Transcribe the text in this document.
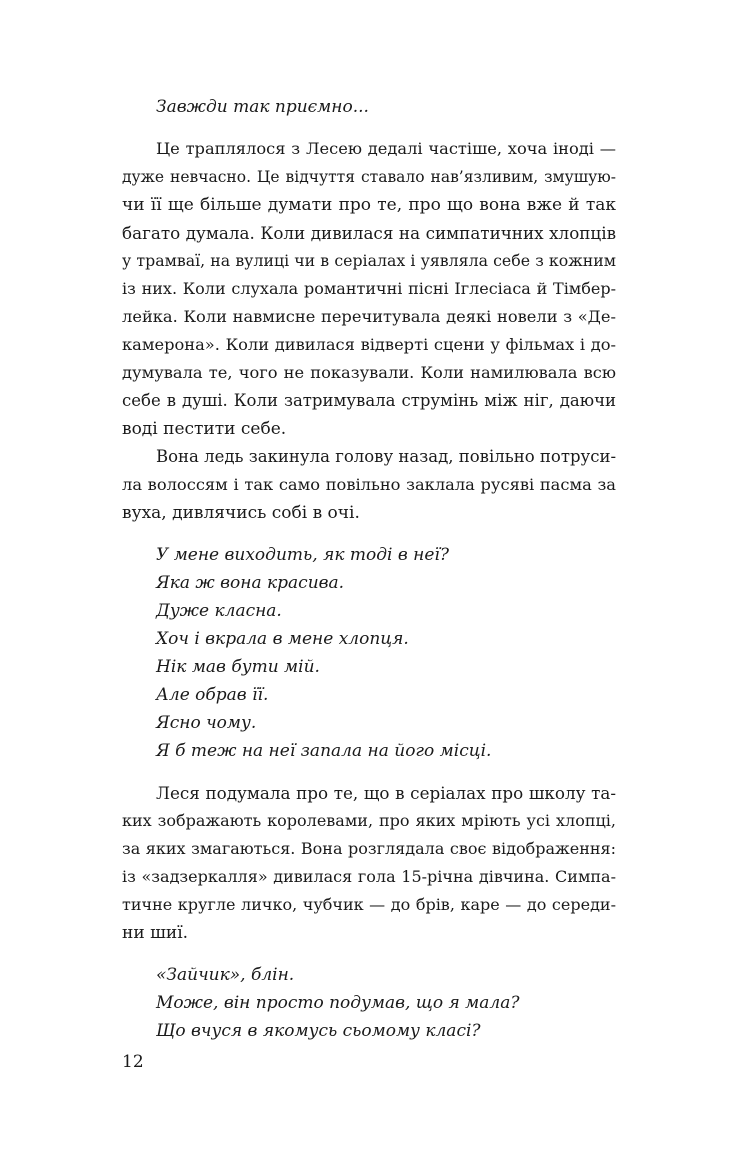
Завжди так приємно...
Це траплялося з Лесею дедалі частіше, хоча іноді —
дуже невчасно. Це відчуття ставало нав’язливим, змушую-
чи її ще більше думати про те, про що вона вже й так
багато думала. Коли дивилася на симпатичних хлопців
у трамваї, на вулиці чи в серіалах і уявляла себе з кожним
із них. Коли слухала романтичні пісні Іглесіаса й Тімбер-
лейка. Коли навмисне перечитувала деякі новели з «Де-
камерона». Коли дивилася відверті сцени у фільмах і до-
думувала те, чого не показували. Коли намилювала всю
себе в душі. Коли затримувала струмінь між ніг, даючи
воді пестити себе.
Вона ледь закинула голову назад, повільно потруси-
ла волоссям і так само повільно заклала русяві пасма за
вуха, дивлячись собі в очі.
У мене виходить, як тоді в неї?
Яка ж вона красива.
Дуже класна.
Хоч і вкрала в мене хлопця.
Нік мав бути мій.
Але обрав її.
Ясно чому.
Я б теж на неї запала на його місці.
Леся подумала про те, що в серіалах про школу та-
ких зображають королевами, про яких мріють усі хлопці,
за яких змагаються. Вона розглядала своє відображення:
із «задзеркалля» дивилася гола 15-річна дівчина. Симпа-
тичне кругле личко, чубчик — до брів, каре — до середи-
ни шиї.
«Зайчик», блін.
Може, він просто подумав, що я мала?
Що вчуся в якомусь сьомому класі?
12
